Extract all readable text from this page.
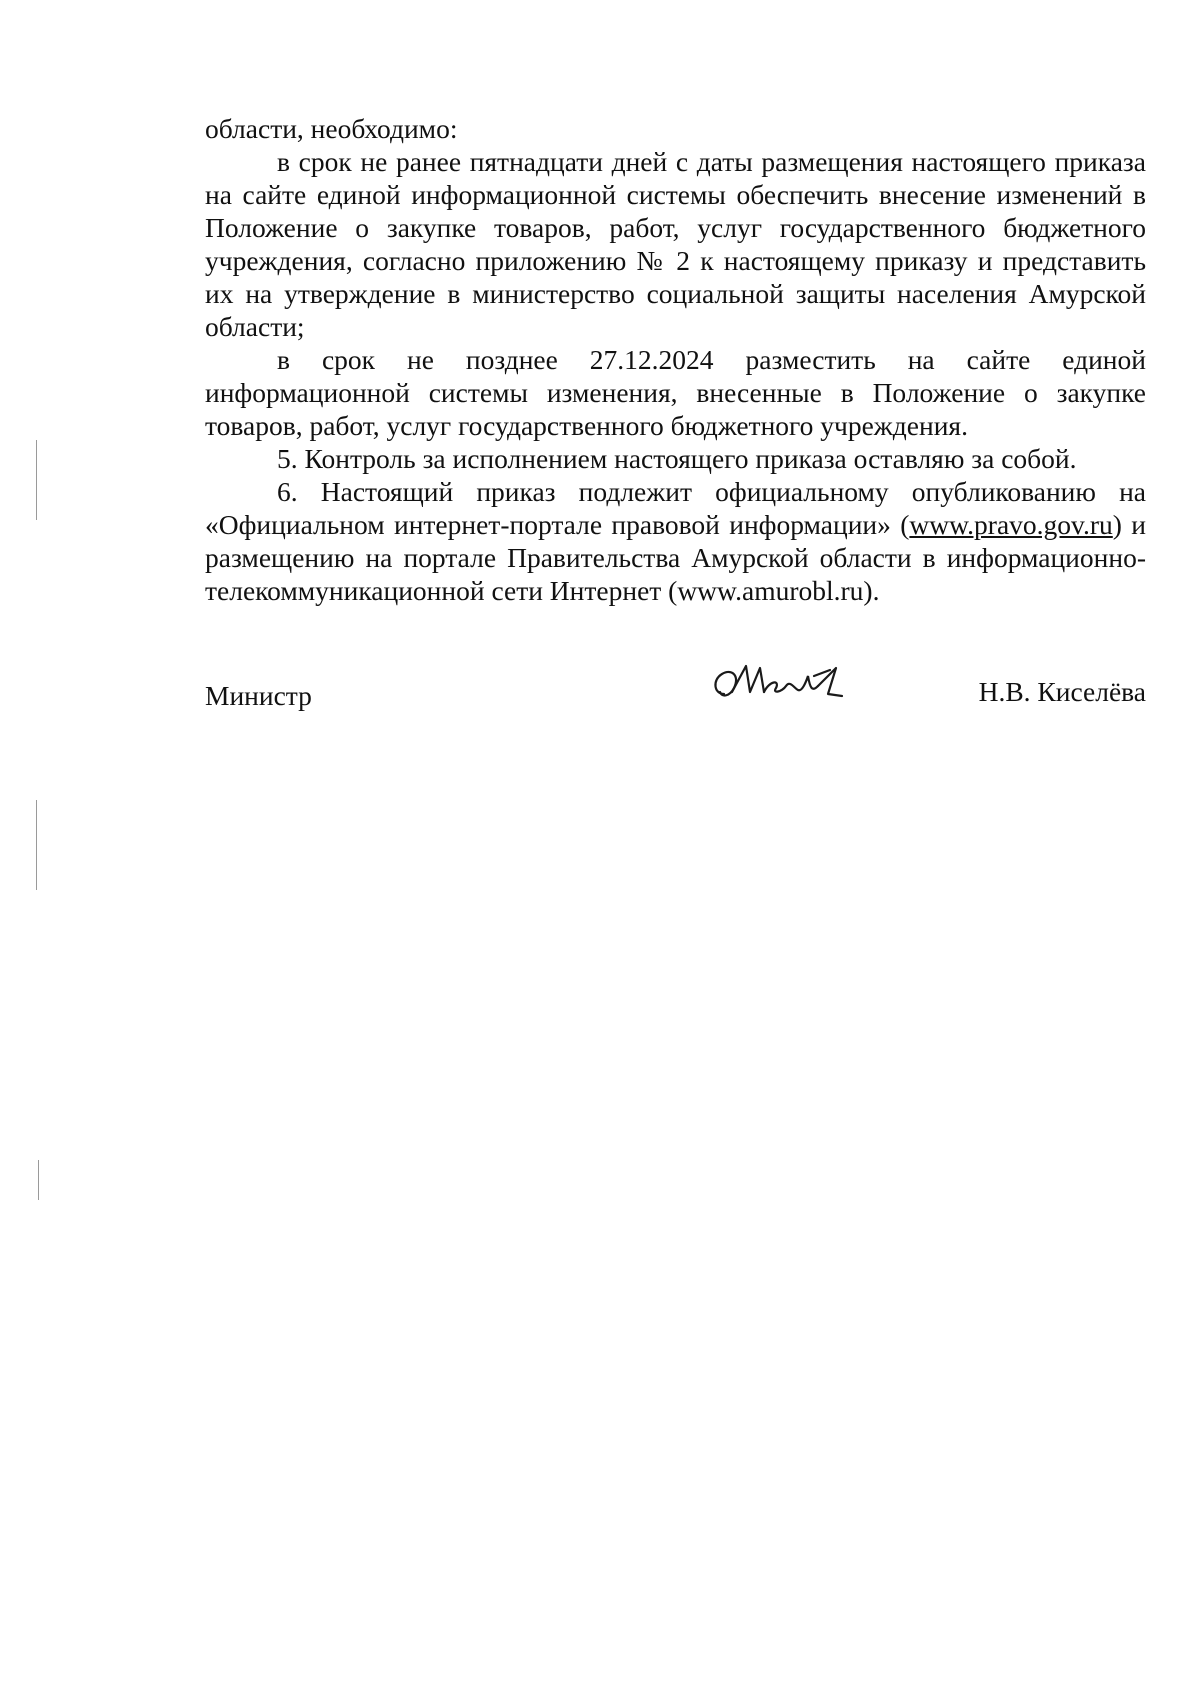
области, необходимо:

в срок не ранее пятнадцати дней с даты размещения настоящего приказа на сайте единой информационной системы обеспечить внесение изменений в Положение о закупке товаров, работ, услуг государственного бюджетного учреждения, согласно приложению № 2 к настоящему приказу и представить их на утверждение в министерство социальной защиты населения Амурской области;

в срок не позднее 27.12.2024 разместить на сайте единой информационной системы изменения, внесенные в Положение о закупке товаров, работ, услуг государственного бюджетного учреждения.

5. Контроль за исполнением настоящего приказа оставляю за собой.

6. Настоящий приказ подлежит официальному опубликованию на «Официальном интернет-портале правовой информации» (www.pravo.gov.ru) и размещению на портале Правительства Амурской области в информационно-телекоммуникационной сети Интернет (www.amurobl.ru).

Министр	Н.В. Киселёва
